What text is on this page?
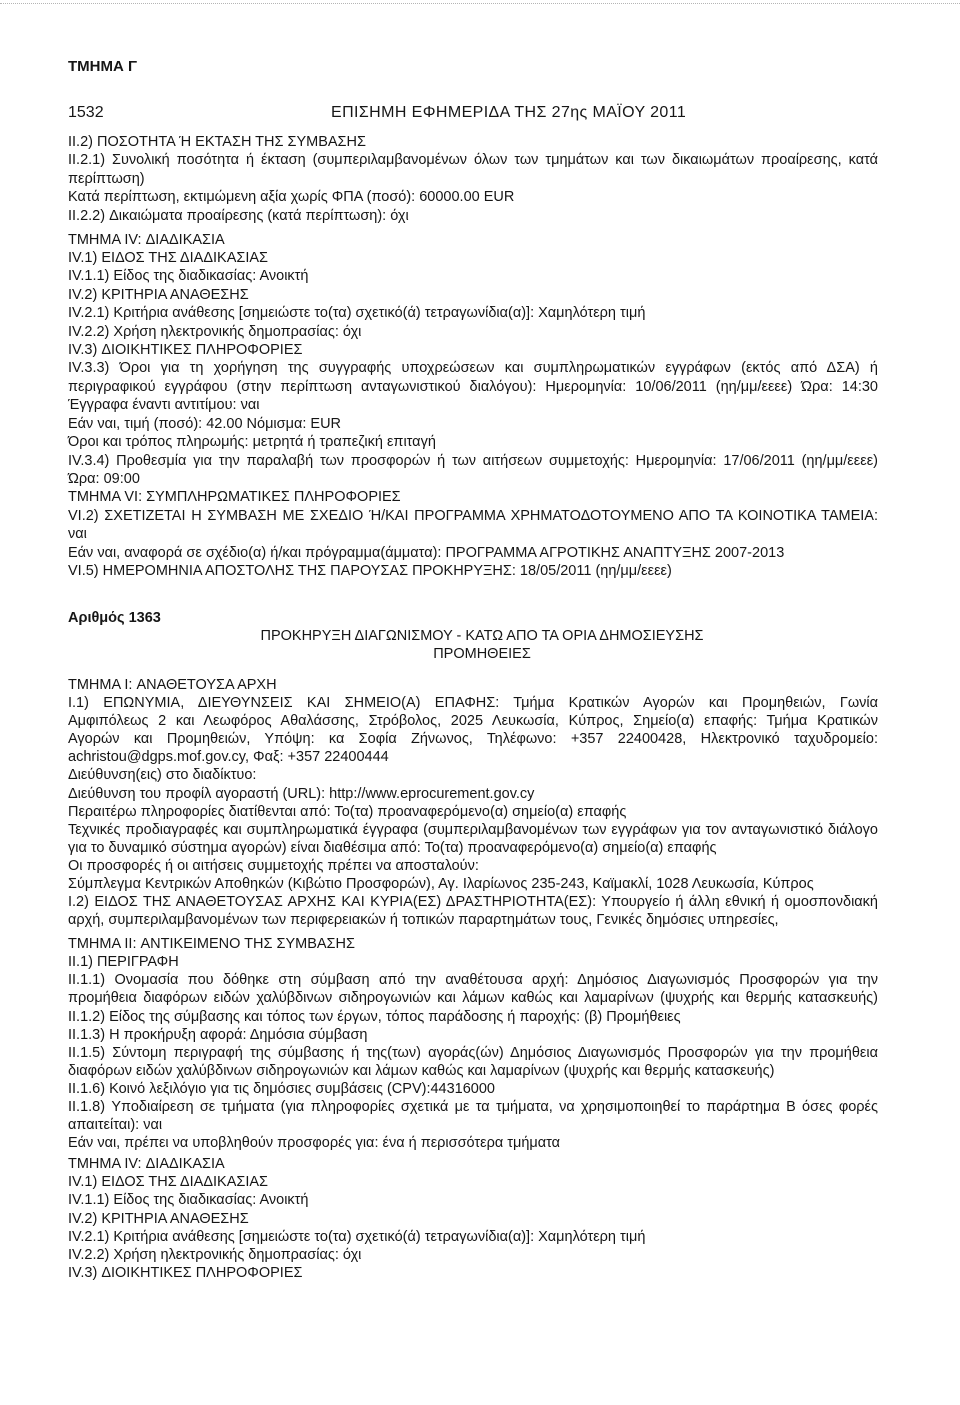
ΤΜΗΜΑ Γ
1532	ΕΠΙΣΗΜΗ ΕΦΗΜΕΡΙΔΑ ΤΗΣ 27ης ΜΑΪΟΥ 2011
II.2) ΠΟΣΟΤΗΤΑ Ή ΕΚΤΑΣΗ ΤΗΣ ΣΥΜΒΑΣΗΣ
II.2.1) Συνολική ποσότητα ή έκταση (συμπεριλαμβανομένων όλων των τμημάτων και των δικαιωμάτων προαίρεσης, κατά
περίπτωση)
Κατά περίπτωση, εκτιμώμενη αξία χωρίς ΦΠΑ (ποσό): 60000.00 EUR
II.2.2) Δικαιώματα προαίρεσης (κατά περίπτωση): όχι
ΤΜΗΜΑ IV: ΔΙΑΔΙΚΑΣΙΑ
IV.1) ΕΙΔΟΣ ΤΗΣ ΔΙΑΔΙΚΑΣΙΑΣ
IV.1.1) Είδος της διαδικασίας: Ανοικτή
IV.2) ΚΡΙΤΗΡΙΑ ΑΝΑΘΕΣΗΣ
IV.2.1) Κριτήρια ανάθεσης [σημειώστε το(τα) σχετικό(ά) τετραγωνίδια(α)]: Χαμηλότερη τιμή
IV.2.2) Χρήση ηλεκτρονικής δημοπρασίας: όχι
IV.3) ΔΙΟΙΚΗΤΙΚΕΣ ΠΛΗΡΟΦΟΡΙΕΣ
IV.3.3) Όροι για τη χορήγηση της συγγραφής υποχρεώσεων και συμπληρωματικών εγγράφων (εκτός από ΔΣΑ) ή
περιγραφικού εγγράφου (στην περίπτωση ανταγωνιστικού διαλόγου): Ημερομηνία: 10/06/2011 (ηη/μμ/εεεε) Ώρα: 14:30
Έγγραφα έναντι αντιτίμου: ναι
Εάν ναι, τιμή (ποσό): 42.00 Νόμισμα: EUR
Όροι και τρόπος πληρωμής: μετρητά ή τραπεζική επιταγή
IV.3.4) Προθεσμία για την παραλαβή των προσφορών ή των αιτήσεων συμμετοχής: Ημερομηνία: 17/06/2011 (ηη/μμ/εεεε)
Ώρα: 09:00
ΤΜΗΜΑ VI: ΣΥΜΠΛΗΡΩΜΑΤΙΚΕΣ ΠΛΗΡΟΦΟΡΙΕΣ
VI.2) ΣΧΕΤΙΖΕΤΑΙ Η ΣΥΜΒΑΣΗ ΜΕ ΣΧΕΔΙΟ Ή/ΚΑΙ ΠΡΟΓΡΑΜΜΑ ΧΡΗΜΑΤΟΔΟΤΟΥΜΕΝΟ ΑΠΟ ΤΑ ΚΟΙΝΟΤΙΚΑ ΤΑΜΕΙΑ:
ναι
Εάν ναι, αναφορά σε σχέδιο(α) ή/και πρόγραμμα(άμματα): ΠΡΟΓΡΑΜΜΑ ΑΓΡΟΤΙΚΗΣ ΑΝΑΠΤΥΞΗΣ 2007-2013
VI.5) ΗΜΕΡΟΜΗΝΙΑ ΑΠΟΣΤΟΛΗΣ ΤΗΣ ΠΑΡΟΥΣΑΣ ΠΡΟΚΗΡΥΞΗΣ: 18/05/2011 (ηη/μμ/εεεε)
Αριθμός 1363
ΠΡΟΚΗΡΥΞΗ ΔΙΑΓΩΝΙΣΜΟΥ - ΚΑΤΩ ΑΠΟ ΤΑ ΟΡΙΑ ΔΗΜΟΣΙΕΥΣΗΣ
ΠΡΟΜΗΘΕΙΕΣ
ΤΜΗΜΑ I: ΑΝΑΘΕΤΟΥΣΑ ΑΡΧΗ
I.1) ΕΠΩΝΥΜΙΑ, ΔΙΕΥΘΥΝΣΕΙΣ ΚΑΙ ΣΗΜΕΙΟ(Α) ΕΠΑΦΗΣ: Τμήμα Κρατικών Αγορών και Προμηθειών, Γωνία
Αμφιπόλεως 2 και Λεωφόρος Αθαλάσσης, Στρόβολος, 2025 Λευκωσία, Κύπρος, Σημείο(α) επαφής: Τμήμα Κρατικών
Αγορών και Προμηθειών, Υπόψη: κα Σοφία Ζήνωνος, Τηλέφωνο: +357 22400428, Ηλεκτρονικό ταχυδρομείο:
achristou@dgps.mof.gov.cy, Φαξ: +357 22400444
Διεύθυνση(εις) στο διαδίκτυο:
Διεύθυνση του προφίλ αγοραστή (URL): http://www.eprocurement.gov.cy
Περαιτέρω πληροφορίες διατίθενται από: Το(τα) προαναφερόμενο(α) σημείο(α) επαφής
Τεχνικές προδιαγραφές και συμπληρωματικά έγγραφα (συμπεριλαμβανομένων των εγγράφων για τον ανταγωνιστικό διάλογο
για το δυναμικό σύστημα αγορών) είναι διαθέσιμα από: Το(τα) προαναφερόμενο(α) σημείο(α) επαφής
Οι προσφορές ή οι αιτήσεις συμμετοχής πρέπει να αποσταλούν:
Σύμπλεγμα Κεντρικών Αποθηκών (Κιβώτιο Προσφορών), Αγ. Ιλαρίωνος 235-243, Καϊμακλί, 1028 Λευκωσία, Κύπρος
I.2) ΕΙΔΟΣ ΤΗΣ ΑΝΑΘΕΤΟΥΣΑΣ ΑΡΧΗΣ ΚΑΙ ΚΥΡΙΑ(ΕΣ) ΔΡΑΣΤΗΡΙΟΤΗΤΑ(ΕΣ): Υπουργείο ή άλλη εθνική ή ομοσπονδιακή
αρχή, συμπεριλαμβανομένων των περιφερειακών ή τοπικών παραρτημάτων τους, Γενικές δημόσιες υπηρεσίες,
ΤΜΗΜΑ II: ΑΝΤΙΚΕΙΜΕΝΟ ΤΗΣ ΣΥΜΒΑΣΗΣ
II.1) ΠΕΡΙΓΡΑΦΗ
II.1.1) Ονομασία που δόθηκε στη σύμβαση από την αναθέτουσα αρχή: Δημόσιος Διαγωνισμός Προσφορών για την
προμήθεια διαφόρων ειδών χαλύβδινων σιδηρογωνιών και λάμων καθώς και λαμαρίνων (ψυχρής και θερμής κατασκευής)
II.1.2) Είδος της σύμβασης και τόπος των έργων, τόπος παράδοσης ή παροχής: (β) Προμήθειες
II.1.3) Η προκήρυξη αφορά: Δημόσια σύμβαση
II.1.5) Σύντομη περιγραφή της σύμβασης ή της(των) αγοράς(ών) Δημόσιος Διαγωνισμός Προσφορών για την προμήθεια
διαφόρων ειδών χαλύβδινων σιδηρογωνιών και λάμων καθώς και λαμαρίνων (ψυχρής και θερμής κατασκευής)
II.1.6) Κοινό λεξιλόγιο για τις δημόσιες συμβάσεις (CPV):44316000
II.1.8) Υποδιαίρεση σε τμήματα (για πληροφορίες σχετικά με τα τμήματα, να χρησιμοποιηθεί το παράρτημα Β όσες φορές
απαιτείται): ναι
Εάν ναι, πρέπει να υποβληθούν προσφορές για: ένα ή περισσότερα τμήματα
ΤΜΗΜΑ IV: ΔΙΑΔΙΚΑΣΙΑ
IV.1) ΕΙΔΟΣ ΤΗΣ ΔΙΑΔΙΚΑΣΙΑΣ
IV.1.1) Είδος της διαδικασίας: Ανοικτή
IV.2) ΚΡΙΤΗΡΙΑ ΑΝΑΘΕΣΗΣ
IV.2.1) Κριτήρια ανάθεσης [σημειώστε το(τα) σχετικό(ά) τετραγωνίδια(α)]: Χαμηλότερη τιμή
IV.2.2) Χρήση ηλεκτρονικής δημοπρασίας: όχι
IV.3) ΔΙΟΙΚΗΤΙΚΕΣ ΠΛΗΡΟΦΟΡΙΕΣ
